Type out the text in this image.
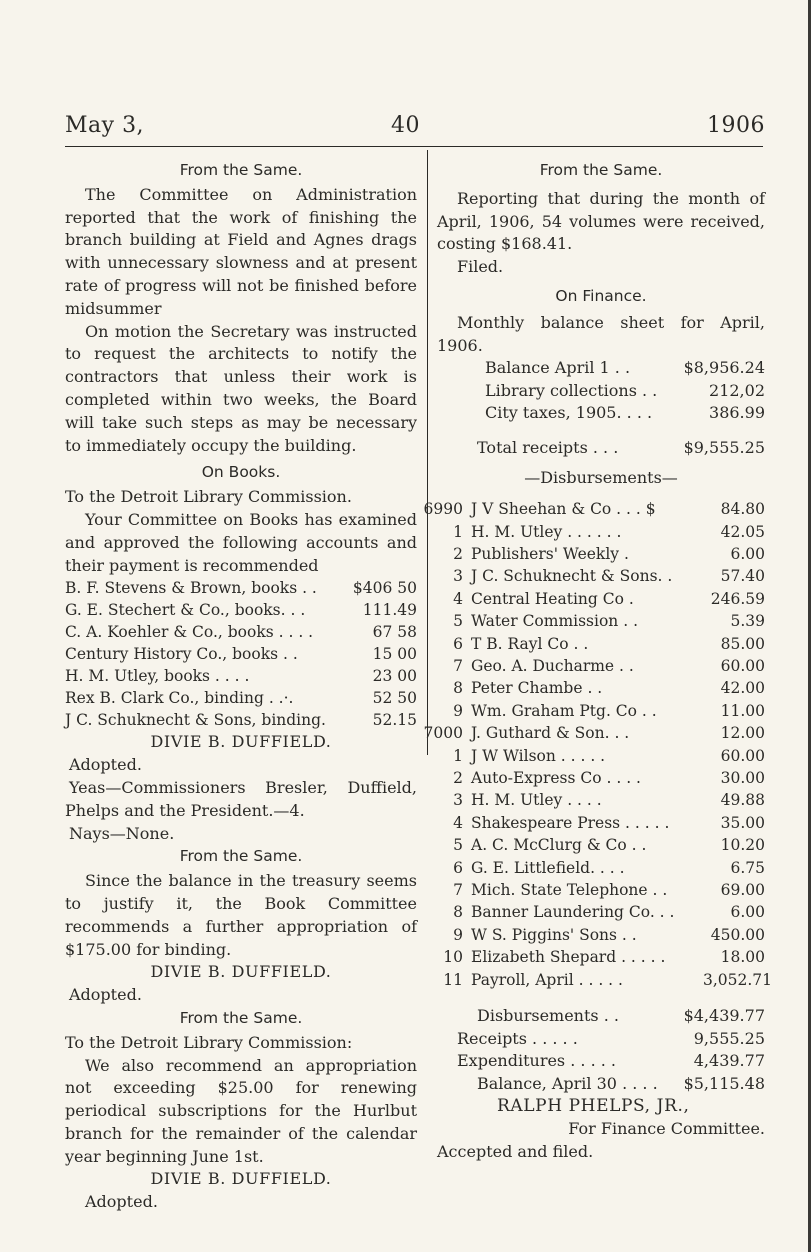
May 3,	40	1906
From the Same.

The Committee on Administration reported that the work of finishing the branch building at Field and Agnes drags with unnecessary slowness and at present rate of progress will not be finished before midsummer

On motion the Secretary was instructed to request the architects to notify the contractors that unless their work is completed within two weeks, the Board will take such steps as may be necessary to immediately occupy the building.

On Books.

To the Detroit Library Commission.

Your Committee on Books has examined and approved the following accounts and their payment is recommended

B. F. Stevens & Brown, books . . $406 50
G. E. Stechert & Co., books. . .	111.49
C. A. Koehler & Co., books . . . .	67 58
Century History Co., books . .	15 00
H. M. Utley, books . . . .	23 00
Rex B. Clark Co., binding . .·.	52 50
J C. Schuknecht & Sons, binding.	52.15

DIVIE B. DUFFIELD.

Adopted.

Yeas—Commissioners Bresler, Duffield, Phelps and the President.—4.

Nays—None.

From the Same.

Since the balance in the treasury seems to justify it, the Book Committee recommends a further appropriation of $175.00 for binding.

DIVIE B. DUFFIELD.

Adopted.

From the Same.

To the Detroit Library Commission:

We also recommend an appropriation not exceeding $25.00 for renewing periodical subscriptions for the Hurlbut branch for the remainder of the calendar year beginning June 1st.

DIVIE B. DUFFIELD.

Adopted.

From the Same.

Reporting that during the month of April, 1906, 54 volumes were received, costing $168.41.

Filed.

On Finance.

Monthly balance sheet for April, 1906.

Balance April 1 . .	$8,956.24
Library collections . .	212,02
City taxes, 1905. . . .	386.99
Total receipts . . .	$9,555.25

—Disbursements—

6990 J V Sheehan & Co . . . $	84.80
1 H. M. Utley . . . . . .	42.05
2 Publishers' Weekly .	6.00
3 J C. Schuknecht & Sons. .	57.40
4 Central Heating Co .	246.59
5 Water Commission . .	5.39
6 T B. Rayl Co . .	85.00
7 Geo. A. Ducharme . .	60.00
8 Peter Chambe . .	42.00
9 Wm. Graham Ptg. Co . .	11.00
7000 J. Guthard & Son. . .	12.00
1 J W Wilson . . . . .	60.00
2 Auto-Express Co . . . .	30.00
3 H. M. Utley . . . .	49.88
4 Shakespeare Press . . . . .	35.00
5 A. C. McClurg & Co . .	10.20
6 G. E. Littlefield. . . .	6.75
7 Mich. State Telephone . .	69.00
8 Banner Laundering Co. . .	6.00
9 W S. Piggins' Sons . .	450.00
10 Elizabeth Shepard . . . . .	18.00
11 Payroll, April . . . . .	3,052.71
Disbursements . .	$4,439.77
Receipts . . . . .	9,555.25
Expenditures . . . . .	4,439.77
Balance, April 30 . . . . $5,115.48

RALPH PHELPS, JR.,

For Finance Committee.

Accepted and filed.
